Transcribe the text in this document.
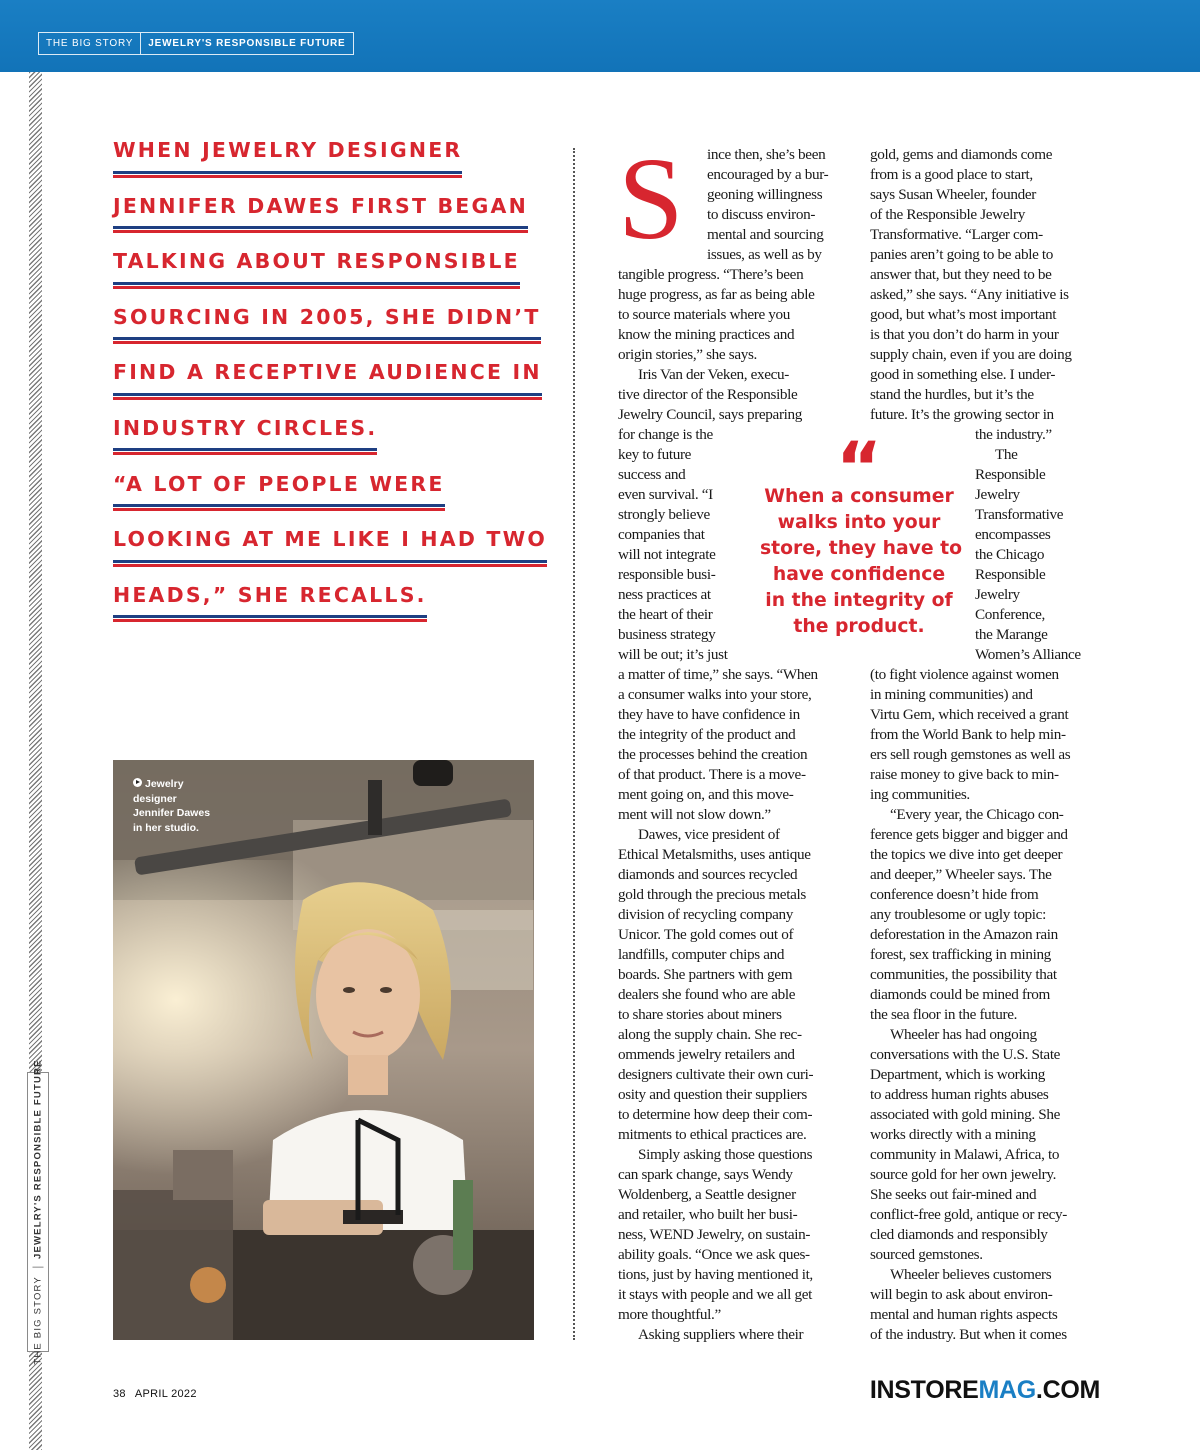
THE BIG STORY	JEWELRY'S RESPONSIBLE FUTURE
THE BIG STORY
JEWELRY'S RESPONSIBLE FUTURE
WHEN JEWELRY DESIGNER
JENNIFER DAWES FIRST BEGAN
TALKING ABOUT RESPONSIBLE
SOURCING IN 2005, SHE DIDN’T
FIND A RECEPTIVE AUDIENCE IN
INDUSTRY CIRCLES.
“A LOT OF PEOPLE WERE
LOOKING AT ME LIKE I HAD TWO
HEADS,” SHE RECALLS.
Jewelry
designer
Jennifer Dawes
in her studio.
S	ince then, she’s been
encouraged by a bur-
geoning willingness
to discuss environ-
mental and sourcing
issues, as well as by
tangible progress. “There’s been
huge progress, as far as being able
to source materials where you
know the mining practices and
origin stories,” she says.
Iris Van der Veken, execu-
tive director of the Responsible
Jewelry Council, says preparing
for change is the
key to future
success and
even survival. “I
strongly believe
companies that
will not integrate
responsible busi-
ness practices at
the heart of their
business strategy
will be out; it’s just
a matter of time,” she says. “When
a consumer walks into your store,
they have to have confidence in
the integrity of the product and
the processes behind the creation
of that product. There is a move-
ment going on, and this move-
ment will not slow down.”
Dawes, vice president of
Ethical Metalsmiths, uses antique
diamonds and sources recycled
gold through the precious metals
division of recycling company
Unicor. The gold comes out of
landfills, computer chips and
boards. She partners with gem
dealers she found who are able
to share stories about miners
along the supply chain. She rec-
ommends jewelry retailers and
designers cultivate their own curi-
osity and question their suppliers
to determine how deep their com-
mitments to ethical practices are.
Simply asking those questions
can spark change, says Wendy
Woldenberg, a Seattle designer
and retailer, who built her busi-
ness, WEND Jewelry, on sustain-
ability goals. “Once we ask ques-
tions, just by having mentioned it,
it stays with people and we all get
more thoughtful.”
Asking suppliers where their
gold, gems and diamonds come
from is a good place to start,
says Susan Wheeler, founder
of the Responsible Jewelry
Transformative. “Larger com-
panies aren’t going to be able to
answer that, but they need to be
asked,” she says. “Any initiative is
good, but what’s most important
is that you don’t do harm in your
supply chain, even if you are doing
good in something else. I under-
stand the hurdles, but it’s the
future. It’s the growing sector in
the industry.”
The
Responsible
Jewelry
Transformative
encompasses
the Chicago
Responsible
Jewelry
Conference,
the Marange
Women’s Alliance
(to fight violence against women
in mining communities) and
Virtu Gem, which received a grant
from the World Bank to help min-
ers sell rough gemstones as well as
raise money to give back to min-
ing communities.
“Every year, the Chicago con-
ference gets bigger and bigger and
the topics we dive into get deeper
and deeper,” Wheeler says. The
conference doesn’t hide from
any troublesome or ugly topic:
deforestation in the Amazon rain
forest, sex trafficking in mining
communities, the possibility that
diamonds could be mined from
the sea floor in the future.
Wheeler has had ongoing
conversations with the U.S. State
Department, which is working
to address human rights abuses
associated with gold mining. She
works directly with a mining
community in Malawi, Africa, to
source gold for her own jewelry.
She seeks out fair-mined and
conflict-free gold, antique or recy-
cled diamonds and responsibly
sourced gemstones.
Wheeler believes customers
will begin to ask about environ-
mental and human rights aspects
of the industry. But when it comes
“
When a consumer
walks into your
store, they have to
have confidence
in the integrity of
the product.
38 APRIL 2022	INSTORE MAG .COM
